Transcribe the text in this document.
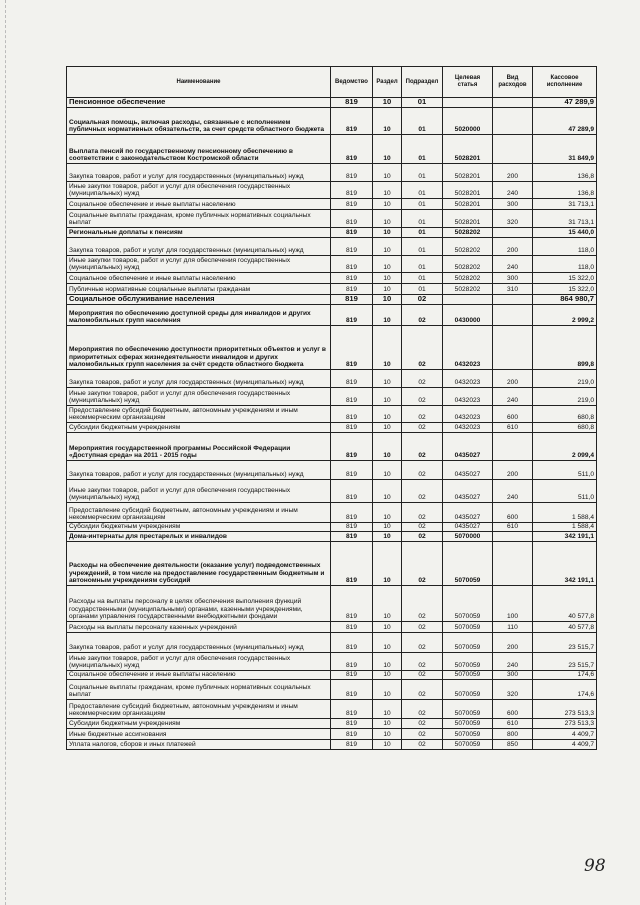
Наименование	Ведомство	Раздел	Подраздел	Целевая статья	Вид расходов	Кассовое исполнение
Пенсионное обеспечение	819	10	01			47 289,9
Социальная помощь, включая расходы, связанные с исполнением публичных нормативных обязательств, за счет средств областного бюджета	819	10	01	5020000		47 289,9
Выплата пенсий по государственному пенсионному обеспечению в соответствии с законодательством Костромской области	819	10	01	5028201		31 849,9
Закупка товаров, работ и услуг для государственных (муниципальных) нужд	819	10	01	5028201	200	136,8
Иные закупки товаров, работ и услуг для обеспечения государственных (муниципальных) нужд	819	10	01	5028201	240	136,8
Социальное обеспечение и иные выплаты населению	819	10	01	5028201	300	31 713,1
Социальные выплаты гражданам, кроме публичных нормативных социальных выплат	819	10	01	5028201	320	31 713,1
Региональные доплаты к пенсиям	819	10	01	5028202		15 440,0
Закупка товаров, работ и услуг для государственных (муниципальных) нужд	819	10	01	5028202	200	118,0
Иные закупки товаров, работ и услуг для обеспечения государственных (муниципальных) нужд	819	10	01	5028202	240	118,0
Социальное обеспечение и иные выплаты населению	819	10	01	5028202	300	15 322,0
Публичные нормативные социальные выплаты гражданам	819	10	01	5028202	310	15 322,0
Социальное обслуживание населения	819	10	02			864 980,7
Мероприятия по обеспечению доступной среды для инвалидов и других маломобильных групп населения	819	10	02	0430000		2 999,2
Мероприятия по обеспечению доступности приоритетных объектов и услуг в приоритетных сферах жизнедеятельности инвалидов и других маломобильных групп населения за счёт средств областного бюджета	819	10	02	0432023		899,8
Закупка товаров, работ и услуг для государственных (муниципальных) нужд	819	10	02	0432023	200	219,0
Иные закупки товаров, работ и услуг для обеспечения государственных (муниципальных) нужд	819	10	02	0432023	240	219,0
Предоставление субсидий бюджетным, автономным учреждениям и иным некоммерческим организациям	819	10	02	0432023	600	680,8
Субсидии бюджетным учреждениям	819	10	02	0432023	610	680,8
Мероприятия государственной программы Российской Федерации «Доступная среда» на 2011 - 2015 годы	819	10	02	0435027		2 099,4
Закупка товаров, работ и услуг для государственных (муниципальных) нужд	819	10	02	0435027	200	511,0
Иные закупки товаров, работ и услуг для обеспечения государственных (муниципальных) нужд	819	10	02	0435027	240	511,0
Предоставление субсидий бюджетным, автономным учреждениям и иным некоммерческим организациям	819	10	02	0435027	600	1 588,4
Субсидии бюджетным учреждениям	819	10	02	0435027	610	1 588,4
Дома-интернаты для престарелых и инвалидов	819	10	02	5070000		342 191,1
Расходы на обеспечение деятельности (оказание услуг) подведомственных учреждений, в том числе на предоставление государственным бюджетным и автономным учреждениям субсидий	819	10	02	5070059		342 191,1
Расходы на выплаты персоналу в целях обеспечения выполнения функций государственными (муниципальными) органами, казенными учреждениями, органами управления государственными внебюджетными фондами	819	10	02	5070059	100	40 577,8
Расходы на выплаты персоналу казенных учреждений	819	10	02	5070059	110	40 577,8
Закупка товаров, работ и услуг для государственных (муниципальных) нужд	819	10	02	5070059	200	23 515,7
Иные закупки товаров, работ и услуг для обеспечения государственных (муниципальных) нужд	819	10	02	5070059	240	23 515,7
Социальное обеспечение и иные выплаты населению	819	10	02	5070059	300	174,6
Социальные выплаты гражданам, кроме публичных нормативных социальных выплат	819	10	02	5070059	320	174,6
Предоставление субсидий бюджетным, автономным учреждениям и иным некоммерческим организациям	819	10	02	5070059	600	273 513,3
Субсидии бюджетным учреждениям	819	10	02	5070059	610	273 513,3
Иные бюджетные ассигнования	819	10	02	5070059	800	4 409,7
Уплата налогов, сборов и иных платежей	819	10	02	5070059	850	4 409,7
98
